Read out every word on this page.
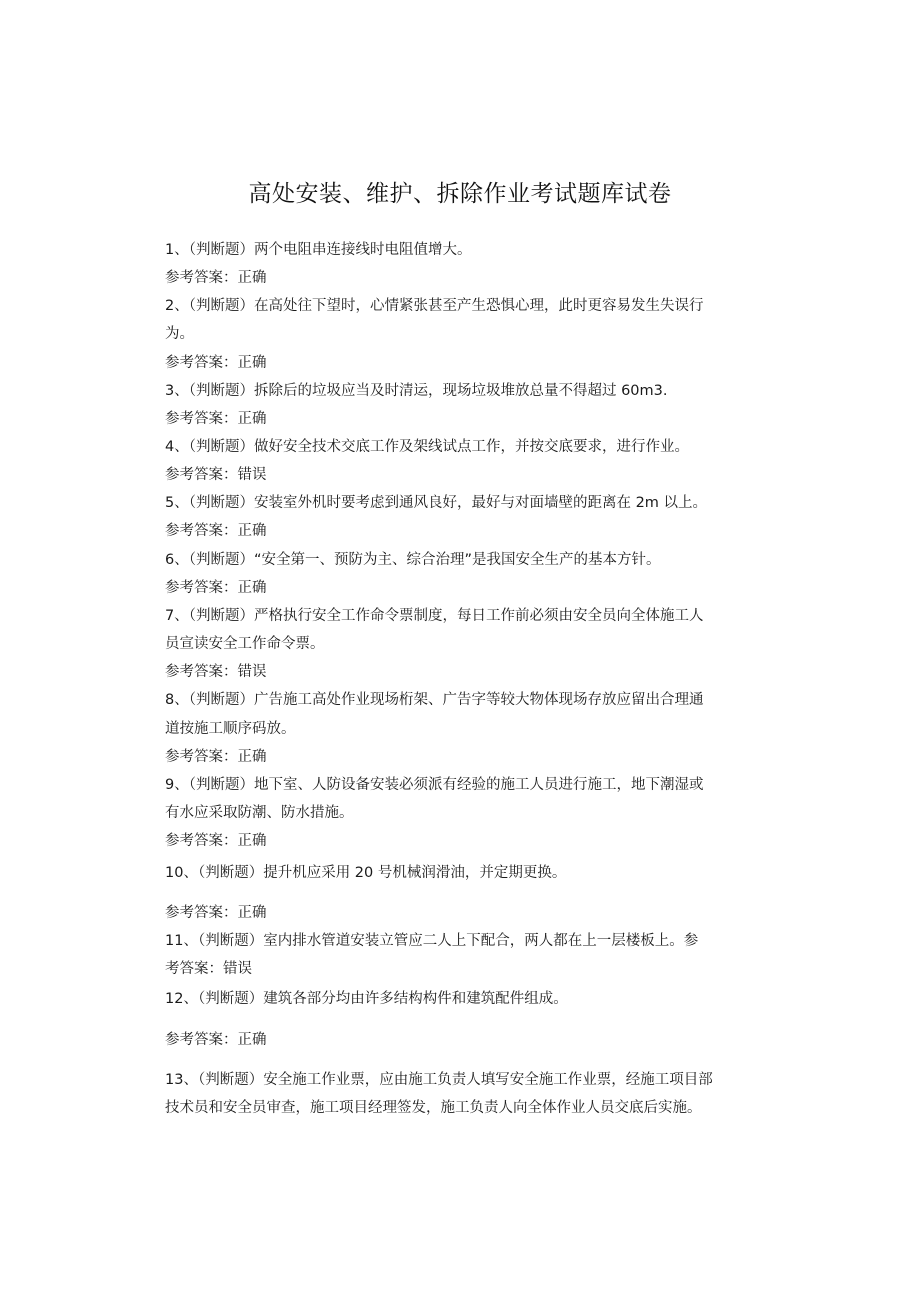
高处安装、维护、拆除作业考试题库试卷
1、（判断题）两个电阻串连接线时电阻值增大。
参考答案：正确
2、（判断题）在高处往下望时，心情紧张甚至产生恐惧心理，此时更容易发生失误行
为。
参考答案：正确
3、（判断题）拆除后的垃圾应当及时清运，现场垃圾堆放总量不得超过 60m3.
参考答案：正确
4、（判断题）做好安全技术交底工作及架线试点工作，并按交底要求，进行作业。
参考答案：错误
5、（判断题）安装室外机时要考虑到通风良好，最好与对面墙壁的距离在 2m 以上。
参考答案：正确
6、（判断题）“安全第一、预防为主、综合治理”是我国安全生产的基本方针。
参考答案：正确
7、（判断题）严格执行安全工作命令票制度，每日工作前必须由安全员向全体施工人
员宣读安全工作命令票。
参考答案：错误
8、（判断题）广告施工高处作业现场桁架、广告字等较大物体现场存放应留出合理通
道按施工顺序码放。
参考答案：正确
9、（判断题）地下室、人防设备安装必须派有经验的施工人员进行施工，地下潮湿或
有水应采取防潮、防水措施。
参考答案：正确
10、（判断题）提升机应采用 20 号机械润滑油，并定期更换。
参考答案：正确
11、（判断题）室内排水管道安装立管应二人上下配合，两人都在上一层楼板上。参
考答案：错误
12、（判断题）建筑各部分均由许多结构构件和建筑配件组成。
参考答案：正确
13、（判断题）安全施工作业票，应由施工负责人填写安全施工作业票，经施工项目部
技术员和安全员审查，施工项目经理签发，施工负责人向全体作业人员交底后实施。
